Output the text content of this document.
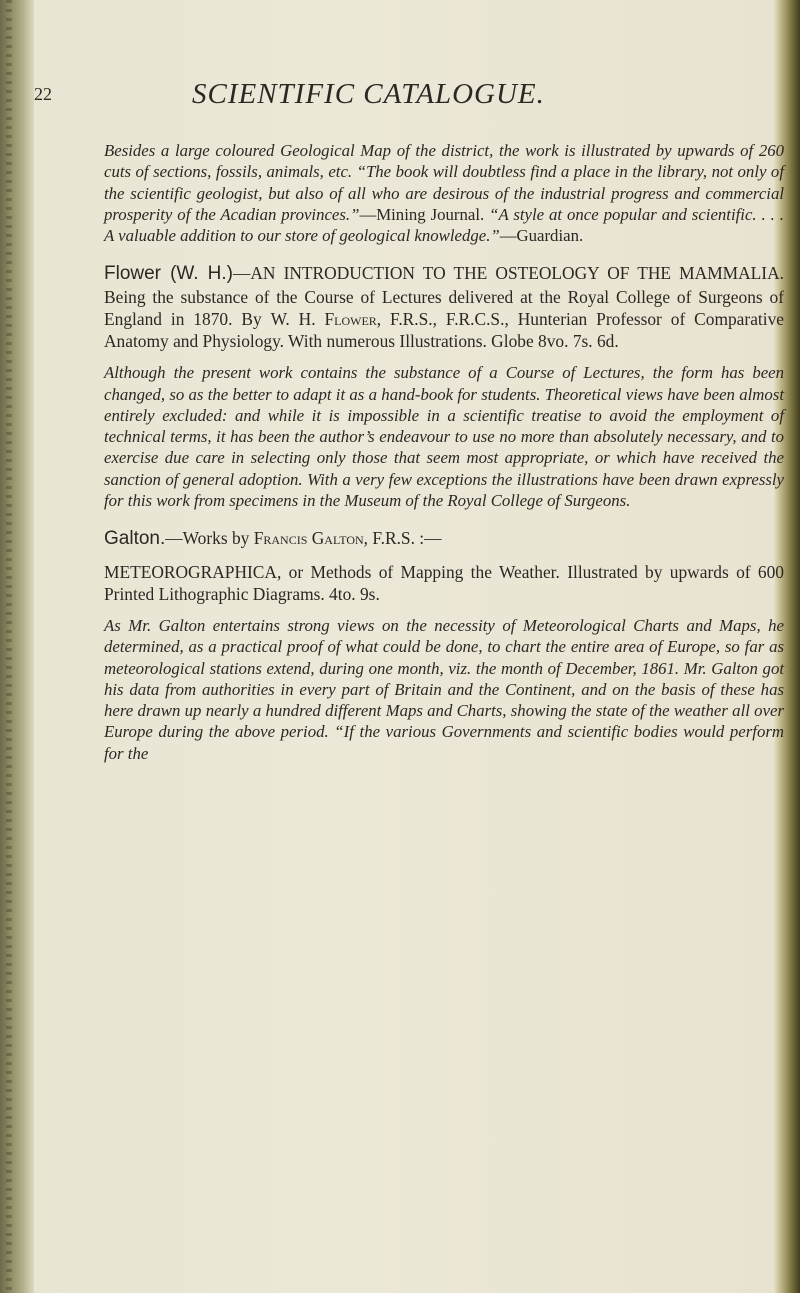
22	SCIENTIFIC CATALOGUE.

Besides a large coloured Geological Map of the district, the work is illustrated by upwards of 260 cuts of sections, fossils, animals, etc. “The book will doubtless find a place in the library, not only of the scientific geologist, but also of all who are desirous of the industrial progress and commercial prosperity of the Acadian provinces.”—Mining Journal. “A style at once popular and scientific. . . . A valuable addition to our store of geological knowledge.”—Guardian.

Flower (W. H.)—AN INTRODUCTION TO THE OSTEOLOGY OF THE MAMMALIA. Being the substance of the Course of Lectures delivered at the Royal College of Surgeons of England in 1870. By W. H. Flower, F.R.S., F.R.C.S., Hunterian Professor of Comparative Anatomy and Physiology. With numerous Illustrations. Globe 8vo. 7s. 6d.

Although the present work contains the substance of a Course of Lectures, the form has been changed, so as the better to adapt it as a hand-book for students. Theoretical views have been almost entirely excluded: and while it is impossible in a scientific treatise to avoid the employment of technical terms, it has been the author’s endeavour to use no more than absolutely necessary, and to exercise due care in selecting only those that seem most appropriate, or which have received the sanction of general adoption. With a very few exceptions the illustrations have been drawn expressly for this work from specimens in the Museum of the Royal College of Surgeons.

Galton.—Works by Francis Galton, F.R.S. :—

METEOROGRAPHICA, or Methods of Mapping the Weather. Illustrated by upwards of 600 Printed Lithographic Diagrams. 4to. 9s.

As Mr. Galton entertains strong views on the necessity of Meteorological Charts and Maps, he determined, as a practical proof of what could be done, to chart the entire area of Europe, so far as meteorological stations extend, during one month, viz. the month of December, 1861. Mr. Galton got his data from authorities in every part of Britain and the Continent, and on the basis of these has here drawn up nearly a hundred different Maps and Charts, showing the state of the weather all over Europe during the above period. “If the various Governments and scientific bodies would perform for the
